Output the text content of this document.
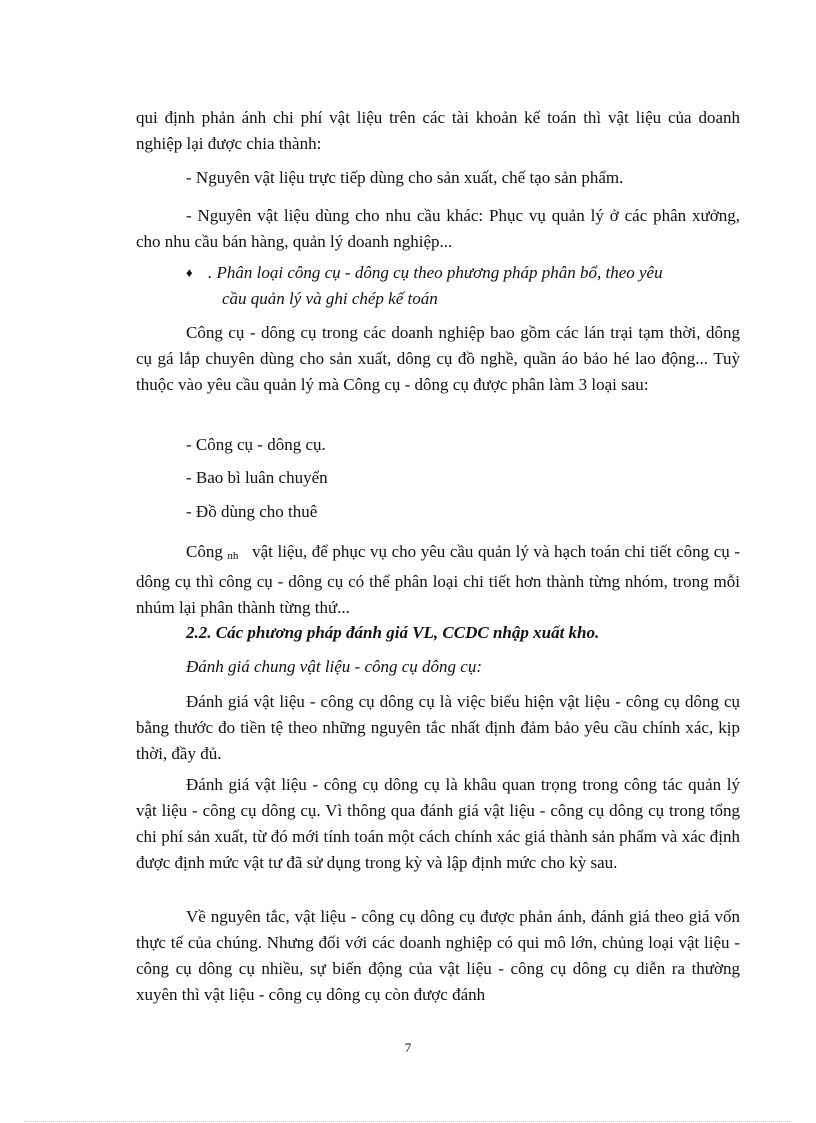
qui định phản ánh chi phí vật liệu trên các tài khoản kế toán thì vật liệu của doanh nghiệp lại được chia thành:

- Nguyên vật liệu trực tiếp dùng cho sản xuất, chế tạo sản phẩm.

- Nguyên vật liệu dùng cho nhu cầu khác: Phục vụ quản lý ở các phân xưởng, cho nhu cầu bán hàng, quản lý doanh nghiệp...

♦ . Phân loại công cụ - dông cụ theo phương pháp phân bổ, theo yêu
cầu quản lý và ghi chép kế toán

Công cụ - dông cụ trong các doanh nghiệp bao gồm các lán trại tạm thời, dông cụ gá lắp chuyên dùng cho sản xuất, dông cụ đồ nghề, quần áo bảo hé lao động... Tuỳ thuộc vào yêu cầu quản lý mà Công cụ - dông cụ được phân làm 3 loại sau:

- Công cụ - dông cụ.

- Bao bì luân chuyển

- Đồ dùng cho thuê

Công nh vật liệu, để phục vụ cho yêu cầu quản lý và hạch toán chi tiết công cụ - dông cụ thì công cụ - dông cụ có thể phân loại chi tiết hơn thành từng nhóm, trong mỗi nhúm lại phân thành từng thứ...

2.2. Các phương pháp đánh giá VL, CCDC nhập xuất kho.
Đánh giá chung vật liệu - công cụ dông cụ:

Đánh giá vật liệu - công cụ dông cụ là việc biểu hiện vật liệu - công cụ dông cụ bằng thước đo tiền tệ theo những nguyên tắc nhất định đảm bảo yêu cầu chính xác, kịp thời, đầy đủ.

Đánh giá vật liệu - công cụ dông cụ là khâu quan trọng trong công tác quản lý vật liệu - công cụ dông cụ. Vì thông qua đánh giá vật liệu - công cụ dông cụ trong tổng chi phí sản xuất, từ đó mới tính toán một cách chính xác giá thành sản phẩm và xác định được định mức vật tư đã sử dụng trong kỳ và lập định mức cho kỳ sau.

Về nguyên tắc, vật liệu - công cụ dông cụ được phản ánh, đánh giá theo giá vốn thực tế của chúng. Nhưng đối với các doanh nghiệp có qui mô lớn, chủng loại vật liệu - công cụ dông cụ nhiều, sự biến động của vật liệu - công cụ dông cụ diễn ra thường xuyên thì vật liệu - công cụ dông cụ còn được đánh

7
